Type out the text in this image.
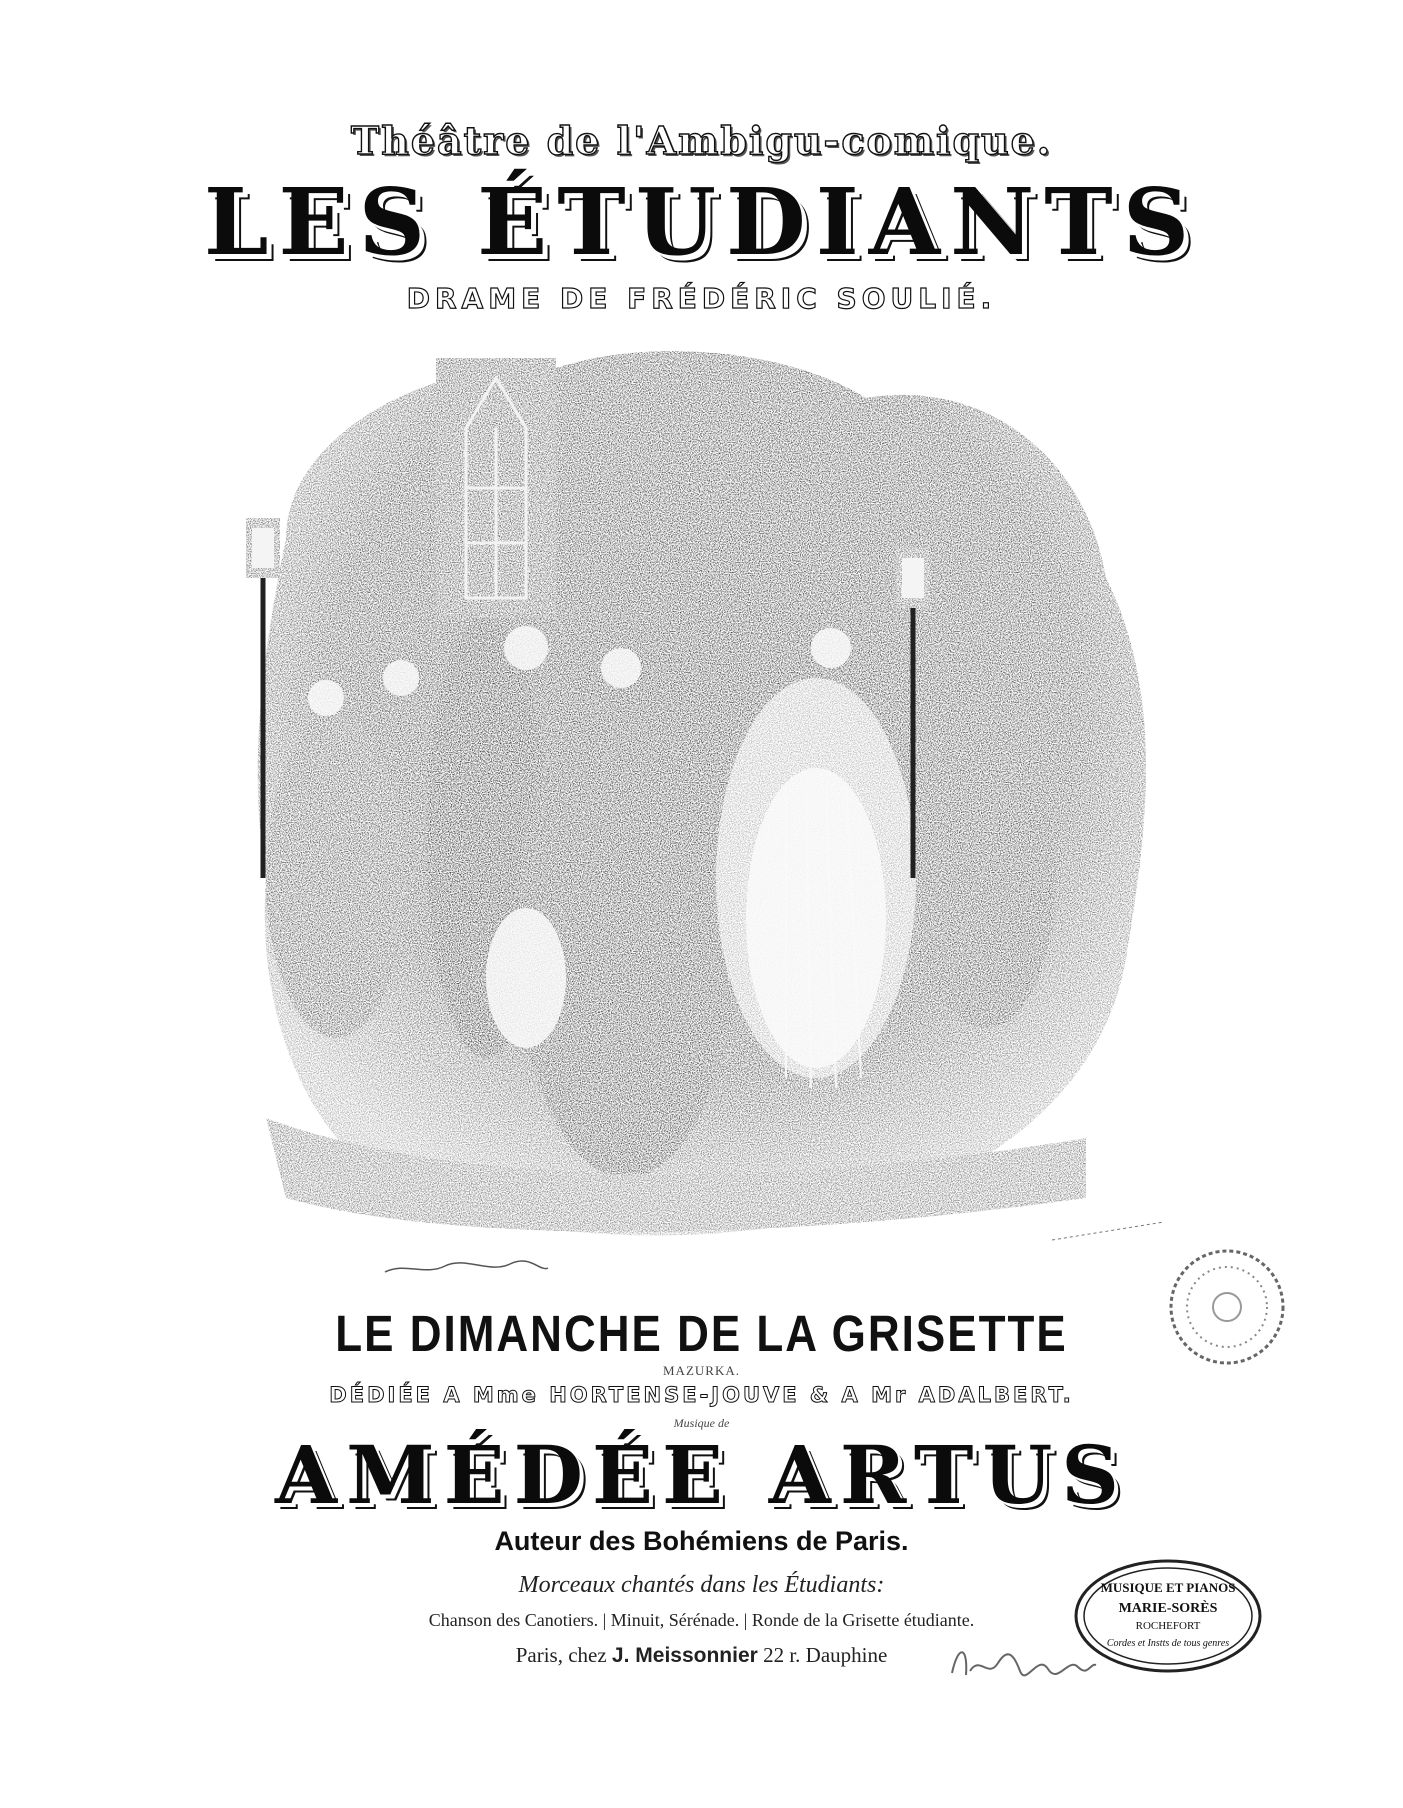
Théâtre de l'Ambigu-comique.
LES ÉTUDIANTS
DRAME DE FRÉDÉRIC SOULIÉ.
LE DIMANCHE DE LA GRISETTE
MAZURKA.
DÉDIÉE A Mme HORTENSE-JOUVE & A Mr ADALBERT.
Musique de
AMÉDÉE ARTUS
Auteur des Bohémiens de Paris.
Morceaux chantés dans les Étudiants:
Chanson des Canotiers. | Minuit, Sérénade. | Ronde de la Grisette étudiante.
Paris, chez J. Meissonnier 22 r. Dauphine
MUSIQUE ET PIANOS
MARIE-SORÈS
ROCHEFORT
Cordes et Instts de tous genres
